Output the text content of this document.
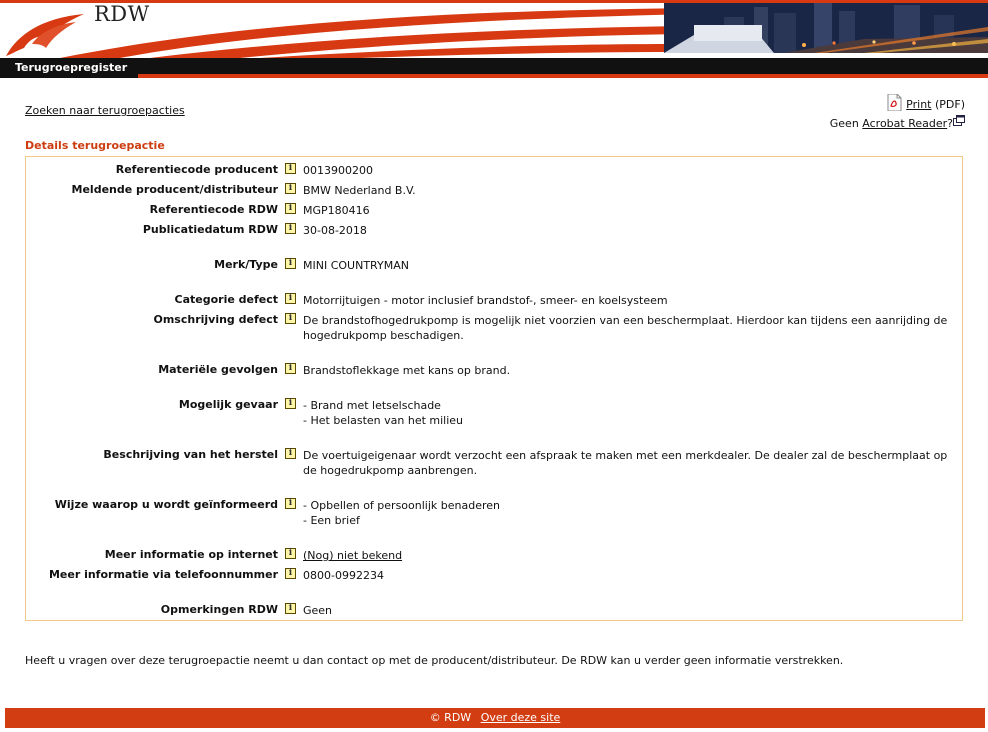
RDW
Terugroepregister
Zoeken naar terugroepacties	Print (PDF)
Geen Acrobat Reader?
Details terugroepactie
Referentiecode producent	i 0013900200
Meldende producent/distributeur	i BMW Nederland B.V.
Referentiecode RDW	i MGP180416
Publicatiedatum RDW	i 30-08-2018
Merk/Type	i MINI COUNTRYMAN
Categorie defect	i Motorrijtuigen - motor inclusief brandstof-, smeer- en koelsysteem
Omschrijving defect	i De brandstofhogedrukpomp is mogelijk niet voorzien van een beschermplaat. Hierdoor kan tijdens een aanrijding de hogedrukpomp beschadigen.
Materiële gevolgen	i Brandstoflekkage met kans op brand.
Mogelijk gevaar	i - Brand met letselschade
- Het belasten van het milieu
Beschrijving van het herstel	i De voertuigeigenaar wordt verzocht een afspraak te maken met een merkdealer. De dealer zal de beschermplaat op de hogedrukpomp aanbrengen.
Wijze waarop u wordt geïnformeerd	i - Opbellen of persoonlijk benaderen
- Een brief
Meer informatie op internet	i (Nog) niet bekend
Meer informatie via telefoonnummer	i 0800-0992234
Opmerkingen RDW	i Geen
Heeft u vragen over deze terugroepactie neemt u dan contact op met de producent/distributeur. De RDW kan u verder geen informatie verstrekken.
© RDW Over deze site
